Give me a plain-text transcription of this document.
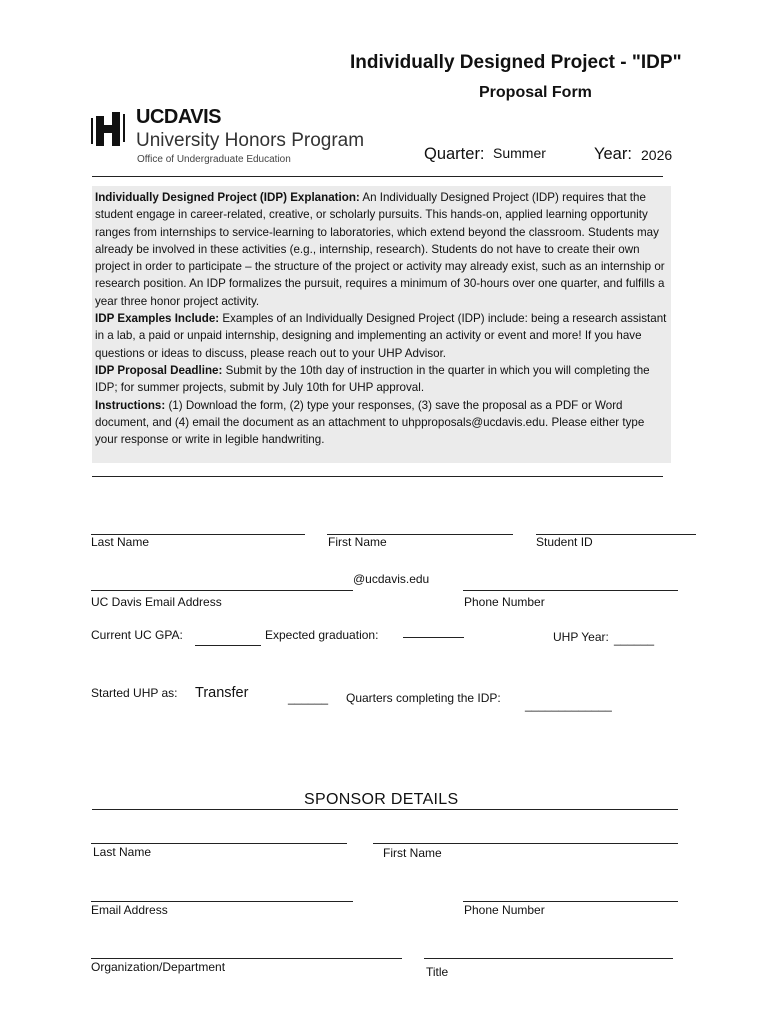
Individually Designed Project - "IDP"
Proposal Form
UCDAVIS
University Honors Program
Office of Undergraduate Education	Quarter: Summer	Year: 2026
Individually Designed Project (IDP) Explanation: An Individually Designed Project (IDP) requires that the student engage in career-related, creative, or scholarly pursuits. This hands-on, applied learning opportunity ranges from internships to service-learning to laboratories, which extend beyond the classroom. Students may already be involved in these activities (e.g., internship, research). Students do not have to create their own project in order to participate – the structure of the project or activity may already exist, such as an internship or research position. An IDP formalizes the pursuit, requires a minimum of 30-hours over one quarter, and fulfills a year three honor project activity.
IDP Examples Include: Examples of an Individually Designed Project (IDP) include: being a research assistant in a lab, a paid or unpaid internship, designing and implementing an activity or event and more! If you have questions or ideas to discuss, please reach out to your UHP Advisor.
IDP Proposal Deadline: Submit by the 10th day of instruction in the quarter in which you will completing the IDP; for summer projects, submit by July 10th for UHP approval.
Instructions: (1) Download the form, (2) type your responses, (3) save the proposal as a PDF or Word document, and (4) email the document as an attachment to uhpproposals@ucdavis.edu. Please either type your response or write in legible handwriting.
Last Name	First Name	Student ID
@ucdavis.edu
UC Davis Email Address	Phone Number
Current UC GPA:	Expected graduation:	UHP Year: ______
Started UHP as: Transfer	______ Quarters completing the IDP: _____________
SPONSOR DETAILS
Last Name	First Name
Email Address	Phone Number
Organization/Department	Title
